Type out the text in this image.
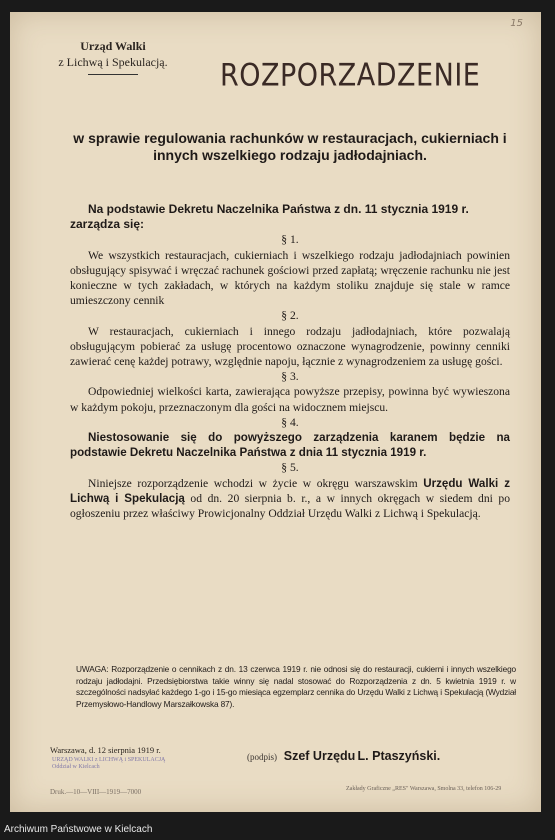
15
Urząd Walki
z Lichwą i Spekulacją.	ROZPORZADZENIE
w sprawie regulowania rachunków w restauracjach, cukierniach i innych wszelkiego rodzaju jadłodajniach.

Na podstawie Dekretu Naczelnika Państwa z dn. 11 stycznia 1919 r. zarządza się:

§ 1.

We wszystkich restauracjach, cukierniach i wszelkiego rodzaju jadłodajniach powinien obsługujący spisywać i wręczać rachunek gościowi przed zapłatą; wręczenie rachunku nie jest konieczne w tych zakładach, w których na każdym stoliku znajduje się stale w ramce umieszczony cennik

§ 2.

W restauracjach, cukierniach i innego rodzaju jadłodajniach, które pozwalają obsługującym pobierać za usługę procentowo oznaczone wynagrodzenie, powinny cenniki zawierać cenę każdej potrawy, względnie napoju, łącznie z wynagrodzeniem za usługę gości.

§ 3.

Odpowiedniej wielkości karta, zawierająca powyższe przepisy, powinna być wywieszona w każdym pokoju, przeznaczonym dla gości na widocznem miejscu.

§ 4.

Niestosowanie się do powyższego zarządzenia karanem będzie na podstawie Dekretu Naczelnika Państwa z dnia 11 stycznia 1919 r.

§ 5.

Niniejsze rozporządzenie wchodzi w życie w okręgu warszawskim Urzędu Walki z Lichwą i Spekulacją od dn. 20 sierpnia b. r., a w innych okręgach w siedem dni po ogłoszeniu przez właściwy Prowicjonalny Oddział Urzędu Walki z Lichwą i Spekulacją.

UWAGA: Rozporządzenie o cennikach z dn. 13 czerwca 1919 r. nie odnosi się do restauracji, cukierni i innych wszelkiego rodzaju jadłodajni. Przedsiębiorstwa takie winny się nadal stosować do Rozporządzenia z dn. 5 kwietnia 1919 r. w szczególności nadsyłać każdego 1-go i 15-go miesiąca egzemplarz cennika do Urzędu Walki z Lichwą i Spekulacją (Wydział Przemysłowo-Handlowy Marszałkowska 87).
Warszawa, d. 12 sierpnia 1919 r.
URZĄD WALKI z LICHWĄ i SPEKULACJĄ
Oddział w Kielcach
(podpis) Szef Urzędu L. Ptaszyński.
Druk.—10—VIII—1919—7000	Zakłady Graficzne „RES" Warszawa, Smolna 33, telefon 106-29
Archiwum Państwowe w Kielcach
